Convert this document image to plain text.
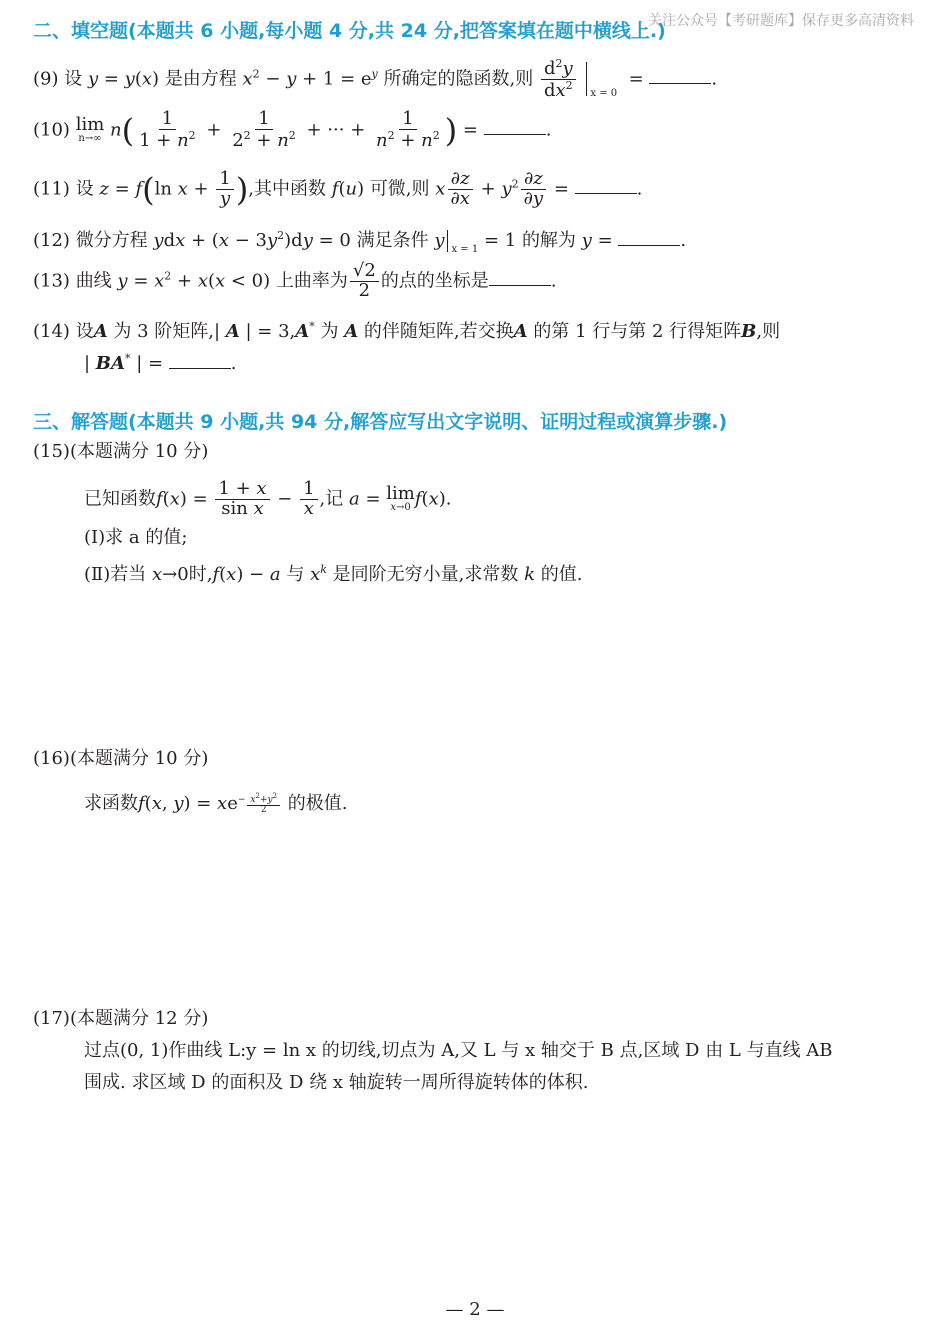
关注公众号【考研题库】保存更多高清资料
二、填空题(本题共 6 小题,每小题 4 分,共 24 分,把答案填在题中横线上.)
(9) 设 y = y(x) 是由方程 $x^2 - y + 1 = e^y$ 所确定的隐函数,则 $\frac{d^2y}{dx^2} _{x = 0}$  =	.
(10) lim
n→∞ $n( \frac{1}{1 + n^2} + \frac{1}{2^2 + n^2}$ + ··· + $\frac{1}{n^2 + n^2}$ ) =	.
(11) 设 z = f(ln $x + \frac{1}{y}$ ),其中函数 f(u) 可微,则 x $\frac{\partial z}{\partial x} + y^2 \frac{\partial z}{\partial y}$ =	.
(12) 微分方程 ydx + $(x - 3y^2)dy = 0$ 满足条件 y $_{x = 1}$ = 1 的解为 y =	.
(13) 曲线 $y = x^2 + x(x < 0)$ 上曲率为 $\frac{√2}{2}$ 的点的坐标是	.
(14) 设A 为 3 阶矩阵,| A | = 3,A* 为 A 的伴随矩阵,若交换A 的第 1 行与第 2 行得矩阵B,则
| BA* | =	.
三、解答题(本题共 9 小题,共 94 分,解答应写出文字说明、证明过程或演算步骤.)
(15)(本题满分 10 分)
已知函数$f(x) = \frac{1 + x}{\text{sin x}} - \frac{1}{x}$ ,记 a = lim
x→0 f(x).
(Ⅰ)求 a 的值;
(Ⅱ)若当 x→0时,f(x) − a 与 $x^k$ 是同阶无穷小量,求常数 k 的值.
(16)(本题满分 10 分)
求函数f(x, $y) = xe^{- \frac{x^2+y^2}{2}}$ 的极值.
(17)(本题满分 12 分)
过点(0, 1)作曲线 L:y = ln x 的切线,切点为 A,又 L 与 x 轴交于 B 点,区域 D 由 L 与直线 AB
围成. 求区域 D 的面积及 D 绕 x 轴旋转一周所得旋转体的体积.
— 2 —
